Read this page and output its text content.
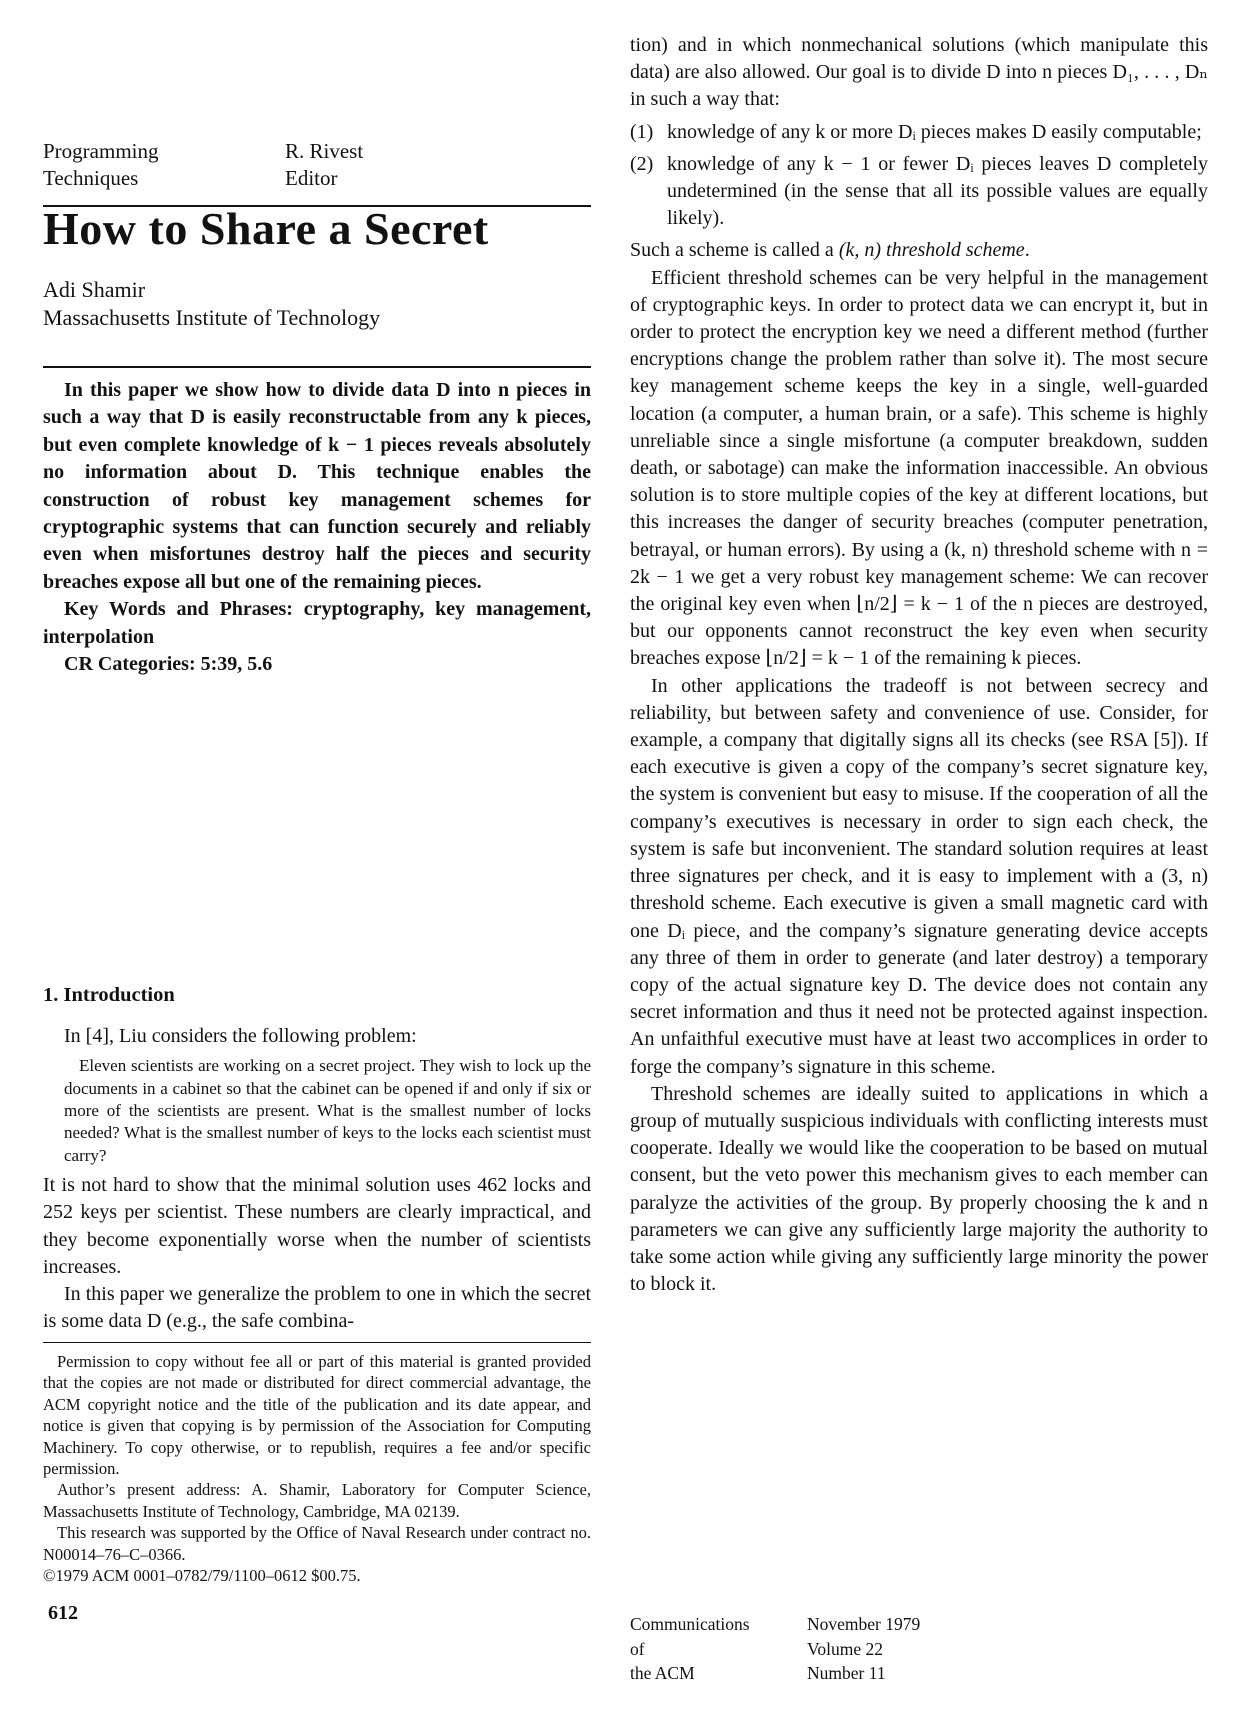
Programming
Techniques
R. Rivest
Editor
How to Share a Secret
Adi Shamir
Massachusetts Institute of Technology

In this paper we show how to divide data D into n pieces in such a way that D is easily reconstructable from any k pieces, but even complete knowledge of k − 1 pieces reveals absolutely no information about D. This technique enables the construction of robust key management schemes for cryptographic systems that can function securely and reliably even when misfortunes destroy half the pieces and security breaches expose all but one of the remaining pieces.

Key Words and Phrases: cryptography, key management, interpolation

CR Categories: 5:39, 5.6

1. Introduction

In [4], Liu considers the following problem:

Eleven scientists are working on a secret project. They wish to lock up the documents in a cabinet so that the cabinet can be opened if and only if six or more of the scientists are present. What is the smallest number of locks needed? What is the smallest number of keys to the locks each scientist must carry?

It is not hard to show that the minimal solution uses 462 locks and 252 keys per scientist. These numbers are clearly impractical, and they become exponentially worse when the number of scientists increases.

In this paper we generalize the problem to one in which the secret is some data D (e.g., the safe combina-

Permission to copy without fee all or part of this material is granted provided that the copies are not made or distributed for direct commercial advantage, the ACM copyright notice and the title of the publication and its date appear, and notice is given that copying is by permission of the Association for Computing Machinery. To copy otherwise, or to republish, requires a fee and/or specific permission.

Author’s present address: A. Shamir, Laboratory for Computer Science, Massachusetts Institute of Technology, Cambridge, MA 02139.

This research was supported by the Office of Naval Research under contract no. N00014–76–C–0366.

©1979 ACM 0001–0782/79/1100–0612 $00.75.

612

tion) and in which nonmechanical solutions (which manipulate this data) are also allowed. Our goal is to divide D into n pieces D₁, . . . , Dₙ in such a way that:

(1) knowledge of any k or more Dᵢ pieces makes D easily computable;
(2) knowledge of any k − 1 or fewer Dᵢ pieces leaves D completely undetermined (in the sense that all its possible values are equally likely).

Such a scheme is called a (k, n) threshold scheme.

Efficient threshold schemes can be very helpful in the management of cryptographic keys. In order to protect data we can encrypt it, but in order to protect the encryption key we need a different method (further encryptions change the problem rather than solve it). The most secure key management scheme keeps the key in a single, well-guarded location (a computer, a human brain, or a safe). This scheme is highly unreliable since a single misfortune (a computer breakdown, sudden death, or sabotage) can make the information inaccessible. An obvious solution is to store multiple copies of the key at different locations, but this increases the danger of security breaches (computer penetration, betrayal, or human errors). By using a (k, n) threshold scheme with n = 2k − 1 we get a very robust key management scheme: We can recover the original key even when ⌊n/2⌋ = k − 1 of the n pieces are destroyed, but our opponents cannot reconstruct the key even when security breaches expose ⌊n/2⌋ = k − 1 of the remaining k pieces.

In other applications the tradeoff is not between secrecy and reliability, but between safety and convenience of use. Consider, for example, a company that digitally signs all its checks (see RSA [5]). If each executive is given a copy of the company’s secret signature key, the system is convenient but easy to misuse. If the cooperation of all the company’s executives is necessary in order to sign each check, the system is safe but inconvenient. The standard solution requires at least three signatures per check, and it is easy to implement with a (3, n) threshold scheme. Each executive is given a small magnetic card with one Dᵢ piece, and the company’s signature generating device accepts any three of them in order to generate (and later destroy) a temporary copy of the actual signature key D. The device does not contain any secret information and thus it need not be protected against inspection. An unfaithful executive must have at least two accomplices in order to forge the company’s signature in this scheme.

Threshold schemes are ideally suited to applications in which a group of mutually suspicious individuals with conflicting interests must cooperate. Ideally we would like the cooperation to be based on mutual consent, but the veto power this mechanism gives to each member can paralyze the activities of the group. By properly choosing the k and n parameters we can give any sufficiently large majority the authority to take some action while giving any sufficiently large minority the power to block it.

Communications
of
the ACM
November 1979
Volume 22
Number 11
